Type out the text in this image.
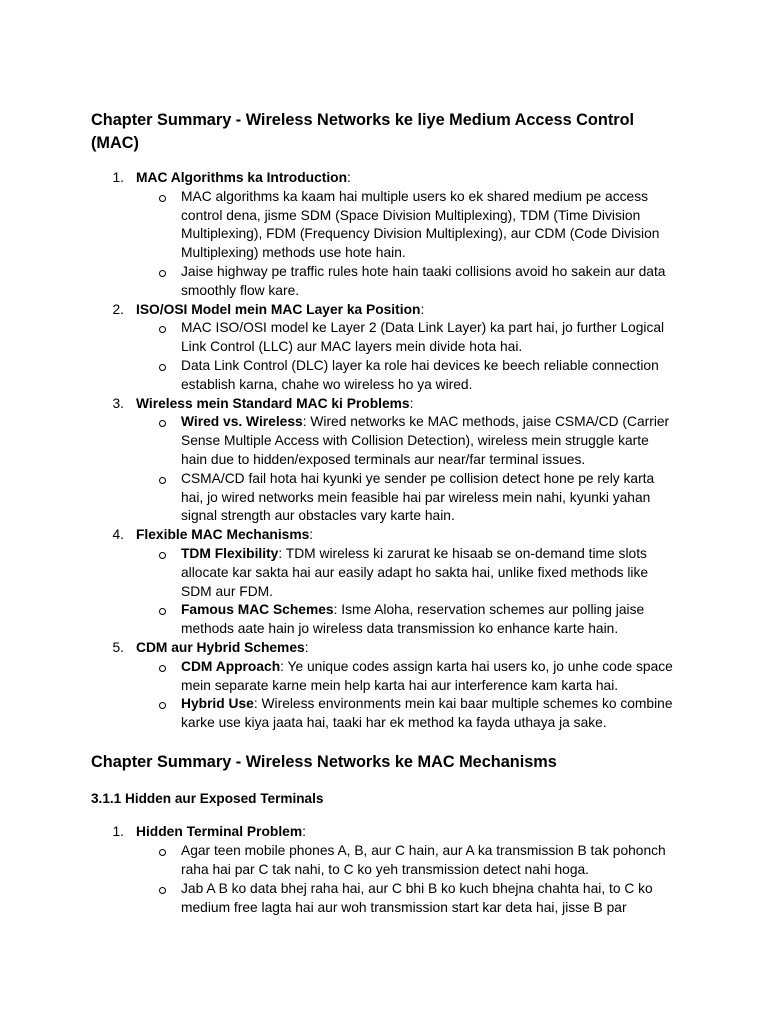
Chapter Summary - Wireless Networks ke liye Medium Access Control (MAC)
1. MAC Algorithms ka Introduction:
MAC algorithms ka kaam hai multiple users ko ek shared medium pe access control dena, jisme SDM (Space Division Multiplexing), TDM (Time Division Multiplexing), FDM (Frequency Division Multiplexing), aur CDM (Code Division Multiplexing) methods use hote hain.
Jaise highway pe traffic rules hote hain taaki collisions avoid ho sakein aur data smoothly flow kare.
2. ISO/OSI Model mein MAC Layer ka Position:
MAC ISO/OSI model ke Layer 2 (Data Link Layer) ka part hai, jo further Logical Link Control (LLC) aur MAC layers mein divide hota hai.
Data Link Control (DLC) layer ka role hai devices ke beech reliable connection establish karna, chahe wo wireless ho ya wired.
3. Wireless mein Standard MAC ki Problems:
Wired vs. Wireless: Wired networks ke MAC methods, jaise CSMA/CD (Carrier Sense Multiple Access with Collision Detection), wireless mein struggle karte hain due to hidden/exposed terminals aur near/far terminal issues.
CSMA/CD fail hota hai kyunki ye sender pe collision detect hone pe rely karta hai, jo wired networks mein feasible hai par wireless mein nahi, kyunki yahan signal strength aur obstacles vary karte hain.
4. Flexible MAC Mechanisms:
TDM Flexibility: TDM wireless ki zarurat ke hisaab se on-demand time slots allocate kar sakta hai aur easily adapt ho sakta hai, unlike fixed methods like SDM aur FDM.
Famous MAC Schemes: Isme Aloha, reservation schemes aur polling jaise methods aate hain jo wireless data transmission ko enhance karte hain.
5. CDM aur Hybrid Schemes:
CDM Approach: Ye unique codes assign karta hai users ko, jo unhe code space mein separate karne mein help karta hai aur interference kam karta hai.
Hybrid Use: Wireless environments mein kai baar multiple schemes ko combine karke use kiya jaata hai, taaki har ek method ka fayda uthaya ja sake.
Chapter Summary - Wireless Networks ke MAC Mechanisms
3.1.1 Hidden aur Exposed Terminals
1. Hidden Terminal Problem:
Agar teen mobile phones A, B, aur C hain, aur A ka transmission B tak pohonch raha hai par C tak nahi, to C ko yeh transmission detect nahi hoga.
Jab A B ko data bhej raha hai, aur C bhi B ko kuch bhejna chahta hai, to C ko medium free lagta hai aur woh transmission start kar deta hai, jisse B par
